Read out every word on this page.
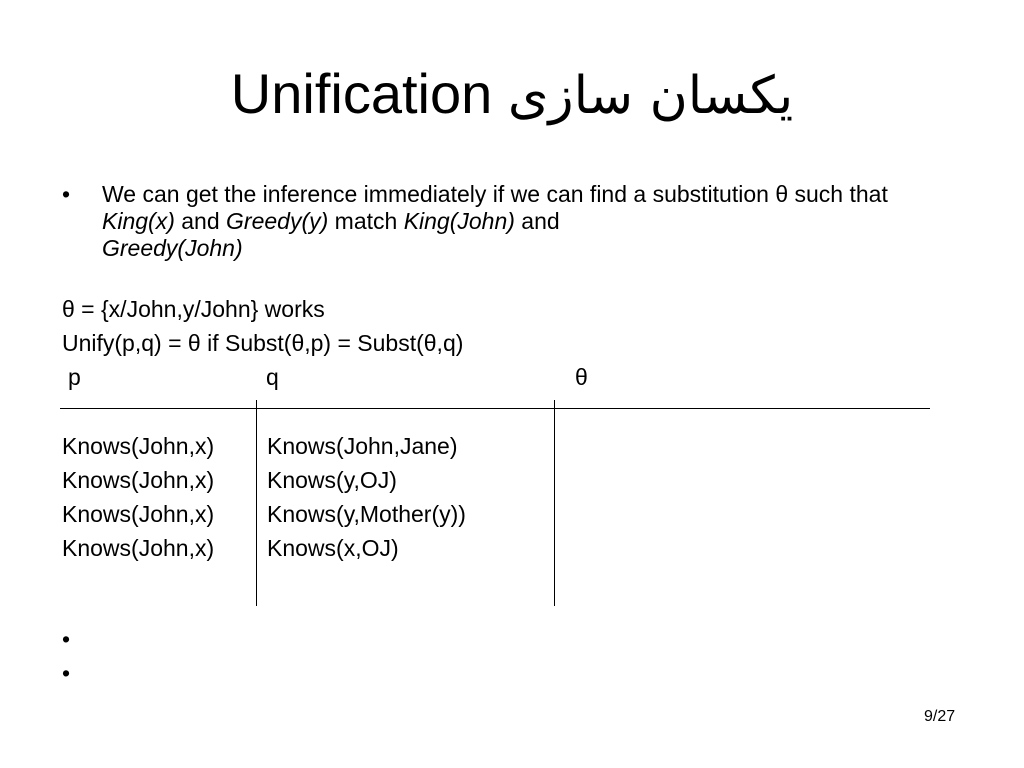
Unification یکسان سازی
• We can get the inference immediately if we can find a substitution θ such that King(x) and Greedy(y) match King(John) and
Greedy(John)
θ = {x/John,y/John} works
Unify(p,q) = θ if Subst(θ,p) = Subst(θ,q)
p	q	θ
Knows(John,x) Knows(John,Jane)
Knows(John,x) Knows(y,OJ)
Knows(John,x) Knows(y,Mother(y))
Knows(John,x) Knows(x,OJ)
•
•
9/27
